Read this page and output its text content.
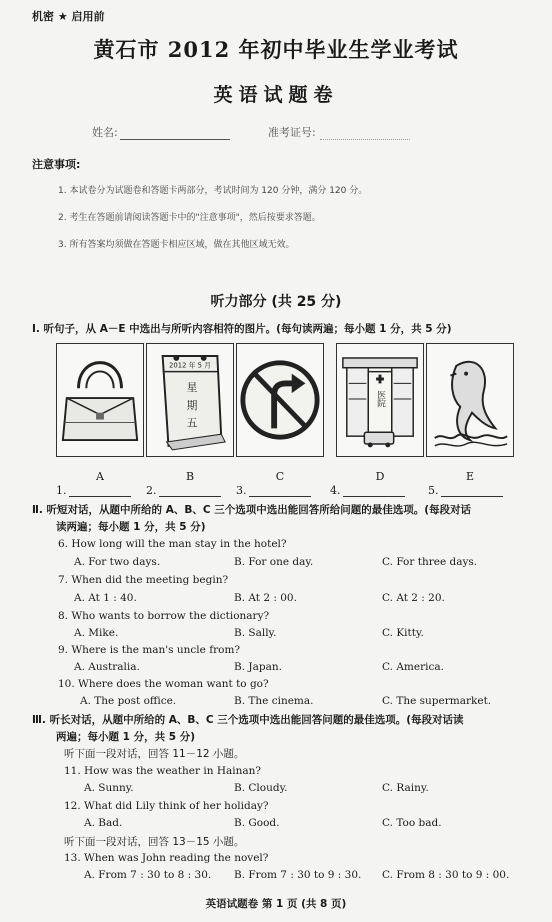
机密 ★ 启用前
黄石市 2012 年初中毕业生学业考试
英语试题卷
姓名:	准考证号:
注意事项:
1. 本试卷分为试题卷和答题卡两部分，考试时间为 120 分钟，满分 120 分。
2. 考生在答题前请阅读答题卡中的"注意事项"，然后按要求答题。
3. 所有答案均须做在答题卡相应区域，做在其他区域无效。
听力部分 (共 25 分)
Ⅰ. 听句子，从 A－E 中选出与所听内容相符的图片。(每句读两遍；每小题 1 分，共 5 分)
2012 年 5 月
星
期
五
医院
A	B	C	D	E
1.	2.	3.	4.	5.
Ⅱ. 听短对话，从题中所给的 A、B、C 三个选项中选出能回答所给问题的最佳选项。(每段对话
读两遍；每小题 1 分，共 5 分)
6. How long will the man stay in the hotel?
A. For two days.	B. For one day.	C. For three days.
7. When did the meeting begin?
A. At 1 : 40.	B. At 2 : 00.	C. At 2 : 20.
8. Who wants to borrow the dictionary?
A. Mike.	B. Sally.	C. Kitty.
9. Where is the man's uncle from?
A. Australia.	B. Japan.	C. America.
10. Where does the woman want to go?
A. The post office.	B. The cinema.	C. The supermarket.
Ⅲ. 听长对话，从题中所给的 A、B、C 三个选项中选出能回答问题的最佳选项。(每段对话读
两遍；每小题 1 分，共 5 分)
听下面一段对话，回答 11－12 小题。
11. How was the weather in Hainan?
A. Sunny.	B. Cloudy.	C. Rainy.
12. What did Lily think of her holiday?
A. Bad.	B. Good.	C. Too bad.
听下面一段对话，回答 13－15 小题。
13. When was John reading the novel?
A. From 7 : 30 to 8 : 30. B. From 7 : 30 to 9 : 30. C. From 8 : 30 to 9 : 00.
英语试题卷 第 1 页 (共 8 页)
